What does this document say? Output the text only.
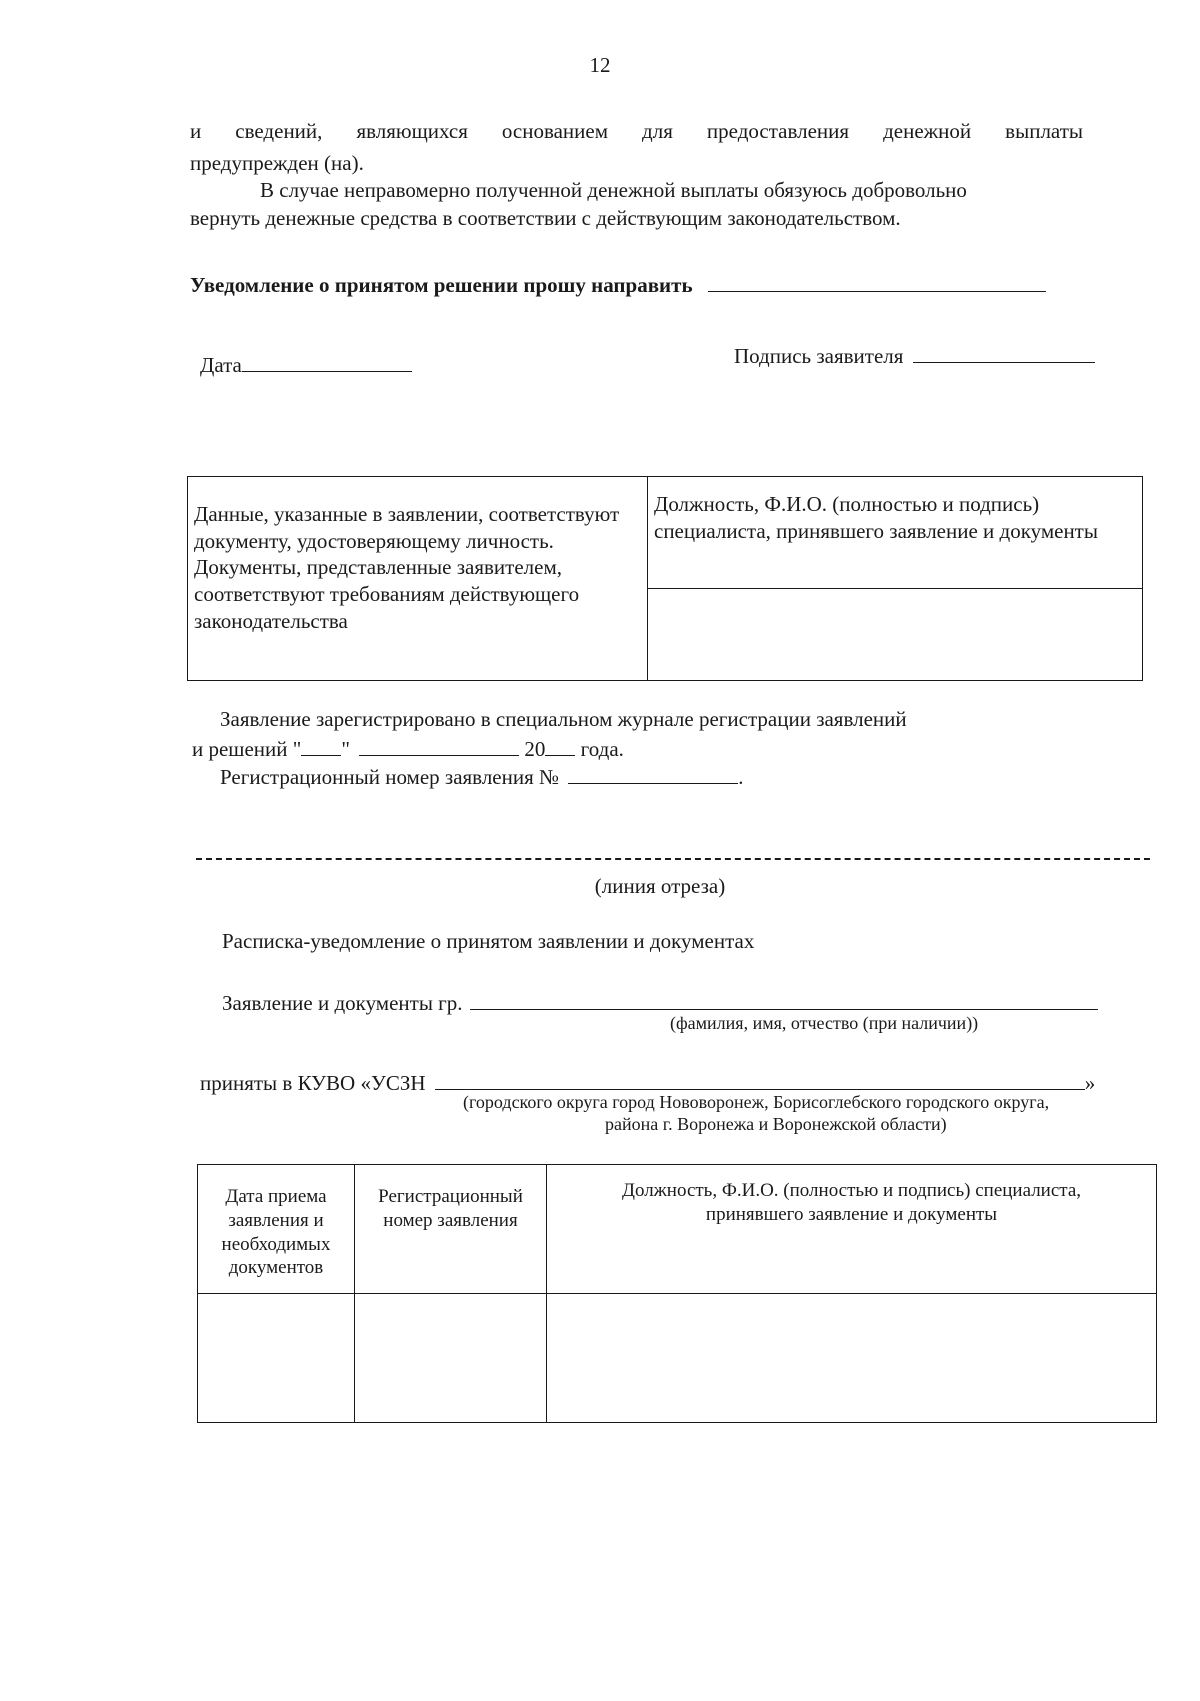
12
и сведений, являющихся основанием для предоставления денежной выплаты
предупрежден (на).
В случае неправомерно полученной денежной выплаты обязуюсь добровольно
вернуть денежные средства в соответствии с действующим законодательством.
Уведомление о принятом решении прошу направить
Дата	Подпись заявителя
Данные, указанные в заявлении, соответствуют документу, удостоверяющему личность. Документы, представленные заявителем, соответствуют требованиям действующего законодательства

Должность, Ф.И.О. (полностью и подпись) специалиста, принявшего заявление и документы

Заявление зарегистрировано в специальном журнале регистрации заявлений
и решений " "	20 года.
Регистрационный номер заявления №	.
(линия отреза)
Расписка-уведомление о принятом заявлении и документах
Заявление и документы гр.
(фамилия, имя, отчество (при наличии))
приняты в КУВО «УСЗН	»
(городского округа город Нововоронеж, Борисоглебского городского округа,
района г. Воронежа и Воронежской области)
Дата приема заявления и необходимых документов	Регистрационный номер заявления	Должность, Ф.И.О. (полностью и подпись) специалиста, принявшего заявление и документы
